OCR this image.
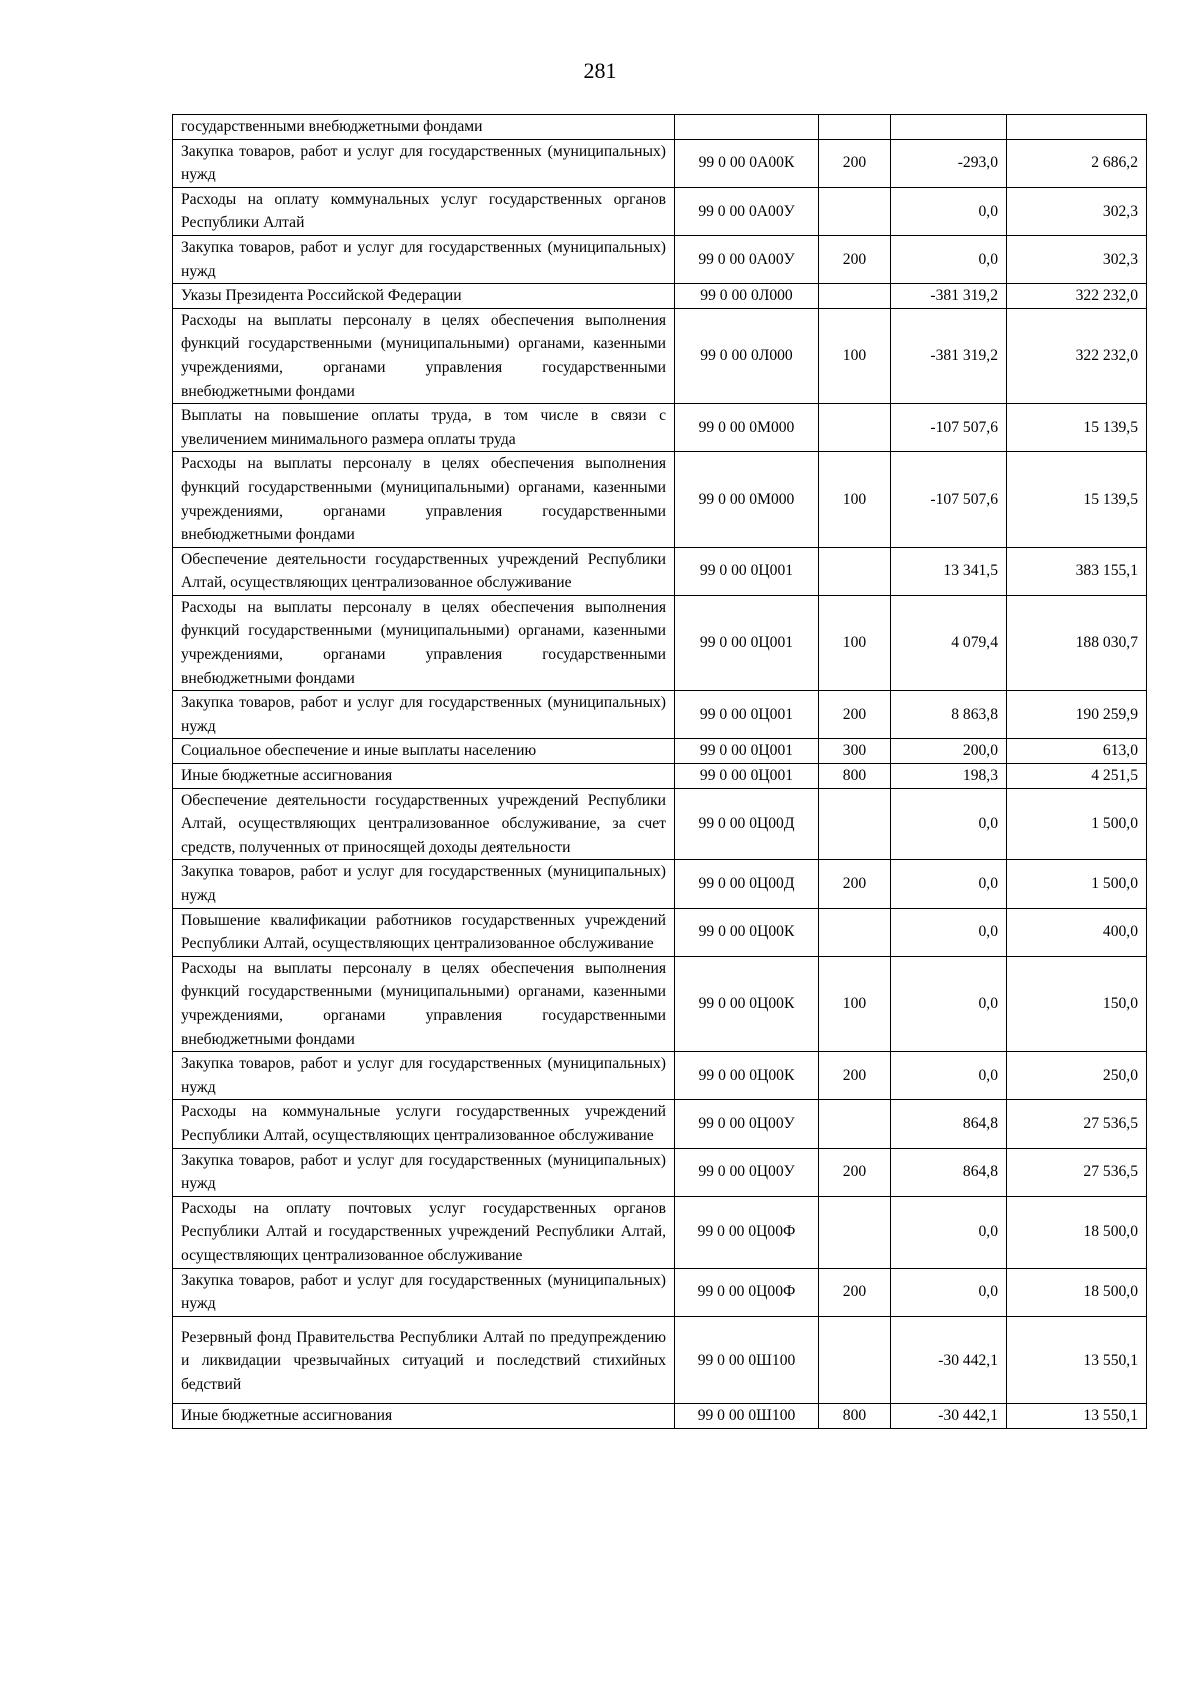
281
государственными внебюджетными фондами				
Закупка товаров, работ и услуг для государственных (муниципальных) нужд	99 0 00 0А00К	200	-293,0	2 686,2
Расходы на оплату коммунальных услуг государственных органов Республики Алтай	99 0 00 0А00У		0,0	302,3
Закупка товаров, работ и услуг для государственных (муниципальных) нужд	99 0 00 0А00У	200	0,0	302,3
Указы Президента Российской Федерации	99 0 00 0Л000		-381 319,2	322 232,0
Расходы на выплаты персоналу в целях обеспечения выполнения функций государственными (муниципальными) органами, казенными учреждениями, органами управления государственными внебюджетными фондами	99 0 00 0Л000	100	-381 319,2	322 232,0
Выплаты на повышение оплаты труда, в том числе в связи с увеличением минимального размера оплаты труда	99 0 00 0М000		-107 507,6	15 139,5
Расходы на выплаты персоналу в целях обеспечения выполнения функций государственными (муниципальными) органами, казенными учреждениями, органами управления государственными внебюджетными фондами	99 0 00 0М000	100	-107 507,6	15 139,5
Обеспечение деятельности государственных учреждений Республики Алтай, осуществляющих централизованное обслуживание	99 0 00 0Ц001		13 341,5	383 155,1
Расходы на выплаты персоналу в целях обеспечения выполнения функций государственными (муниципальными) органами, казенными учреждениями, органами управления государственными внебюджетными фондами	99 0 00 0Ц001	100	4 079,4	188 030,7
Закупка товаров, работ и услуг для государственных (муниципальных) нужд	99 0 00 0Ц001	200	8 863,8	190 259,9
Социальное обеспечение и иные выплаты населению	99 0 00 0Ц001	300	200,0	613,0
Иные бюджетные ассигнования	99 0 00 0Ц001	800	198,3	4 251,5
Обеспечение деятельности государственных учреждений Республики Алтай, осуществляющих централизованное обслуживание, за счет средств, полученных от приносящей доходы деятельности	99 0 00 0Ц00Д		0,0	1 500,0
Закупка товаров, работ и услуг для государственных (муниципальных) нужд	99 0 00 0Ц00Д	200	0,0	1 500,0
Повышение квалификации работников государственных учреждений Республики Алтай, осуществляющих централизованное обслуживание	99 0 00 0Ц00К		0,0	400,0
Расходы на выплаты персоналу в целях обеспечения выполнения функций государственными (муниципальными) органами, казенными учреждениями, органами управления государственными внебюджетными фондами	99 0 00 0Ц00К	100	0,0	150,0
Закупка товаров, работ и услуг для государственных (муниципальных) нужд	99 0 00 0Ц00К	200	0,0	250,0
Расходы на коммунальные услуги государственных учреждений Республики Алтай, осуществляющих централизованное обслуживание	99 0 00 0Ц00У		864,8	27 536,5
Закупка товаров, работ и услуг для государственных (муниципальных) нужд	99 0 00 0Ц00У	200	864,8	27 536,5
Расходы на оплату почтовых услуг государственных органов Республики Алтай и государственных учреждений Республики Алтай, осуществляющих централизованное обслуживание	99 0 00 0Ц00Ф		0,0	18 500,0
Закупка товаров, работ и услуг для государственных (муниципальных) нужд	99 0 00 0Ц00Ф	200	0,0	18 500,0
Резервный фонд Правительства Республики Алтай по предупреждению и ликвидации чрезвычайных ситуаций и последствий стихийных бедствий	99 0 00 0Ш100		-30 442,1	13 550,1
Иные бюджетные ассигнования	99 0 00 0Ш100	800	-30 442,1	13 550,1
